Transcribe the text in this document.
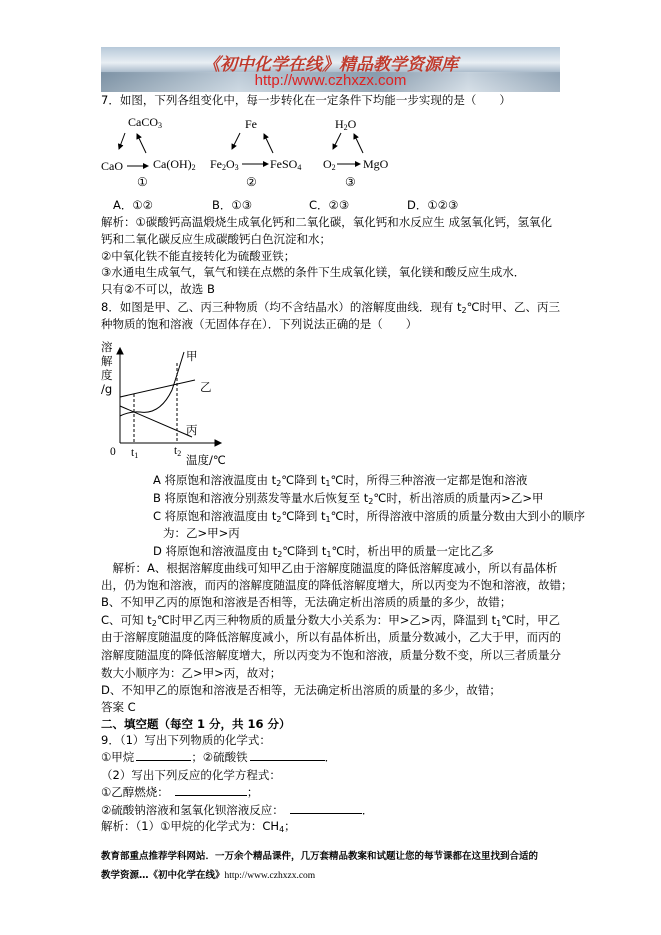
《初中化学在线》精品教学资源库
http://www.czhxzx.com
7．如图，下列各组变化中，每一步转化在一定条件下均能一步实现的是（　　）
CaCO$_3$
CaO	$Ca(OH)_2$
①
Fe
$Fe_2O_3$	FeSO$_4$
②
$H_2O$
$O_2$ MgO
③
A．①②	B．①③	C．②③	D．①②③
解析：①碳酸钙高温煅烧生成氧化钙和二氧化碳，氧化钙和水反应生 成氢氧化钙，氢氧化
钙和二氧化碳反应生成碳酸钙白色沉淀和水；
②中氧化铁不能直接转化为硫酸亚铁；
③水通电生成氧气，氧气和镁在点燃的条件下生成氧化镁，氧化镁和酸反应生成水．
只有②不可以，故选 B
8．如图是甲、乙、丙三种物质（均不含结晶水）的溶解度曲线．现有 $t_2℃$时甲、乙、丙三
种物质的饱和溶液（无固体存在）．下列说法正确的是（　　）
溶
解
度
/g
0 $t_1$	$t_2$ 温度/℃
甲
乙
丙
A 将原饱和溶液温度由 $t_2℃$降到 $t_1℃$时，所得三种溶液一定都是饱和溶液
B 将原饱和溶液分别蒸发等量水后恢复至 $t_2℃$时，析出溶质的质量丙>乙>甲
C 将原饱和溶液温度由 $t_2℃$降到 $t_1℃$时，所得溶液中溶质的质量分数由大到小的顺序
为：乙>甲>丙
D 将原饱和溶液温度由 $t_2℃$降到 $t_1℃$时，析出甲的质量一定比乙多
　解析：A、根据溶解度曲线可知甲乙由于溶解度随温度的降低溶解度减小，所以有晶体析
出，仍为饱和溶液，而丙的溶解度随温度的降低溶解度增大，所以丙变为不饱和溶液，故错；
B、不知甲乙丙的原饱和溶液是否相等，无法确定析出溶质的质量的多少，故错；
C、可知 $t_2℃$时甲乙丙三种物质的质量分数大小关系为：甲>乙>丙，降温到 $t_1℃$时，甲乙
由于溶解度随温度的降低溶解度减小，所以有晶体析出，质量分数减小，乙大于甲，而丙的
溶解度随温度的降低溶解度增大，所以丙变为不饱和溶液，质量分数不变，所以三者质量分
数大小顺序为：乙>甲>丙，故对；
D、不知甲乙的原饱和溶液是否相等，无法确定析出溶质的质量的多少，故错；
答案 C
二、填空题（每空 1 分，共 16 分）
9．（1）写出下列物质的化学式：
①甲烷	；②硫酸铁	．
（2）写出下列反应的化学方程式：
①乙醇燃烧：	；
②硫酸钠溶液和氢氧化钡溶液反应：	．
解析：（1）①甲烷的化学式为：$CH_4$；
教育部重点推荐学科网站．一万余个精品课件，几万套精品教案和试题让您的每节课都在这里找到合适的
教学资源…《初中化学在线》http://www.czhxzx.com
